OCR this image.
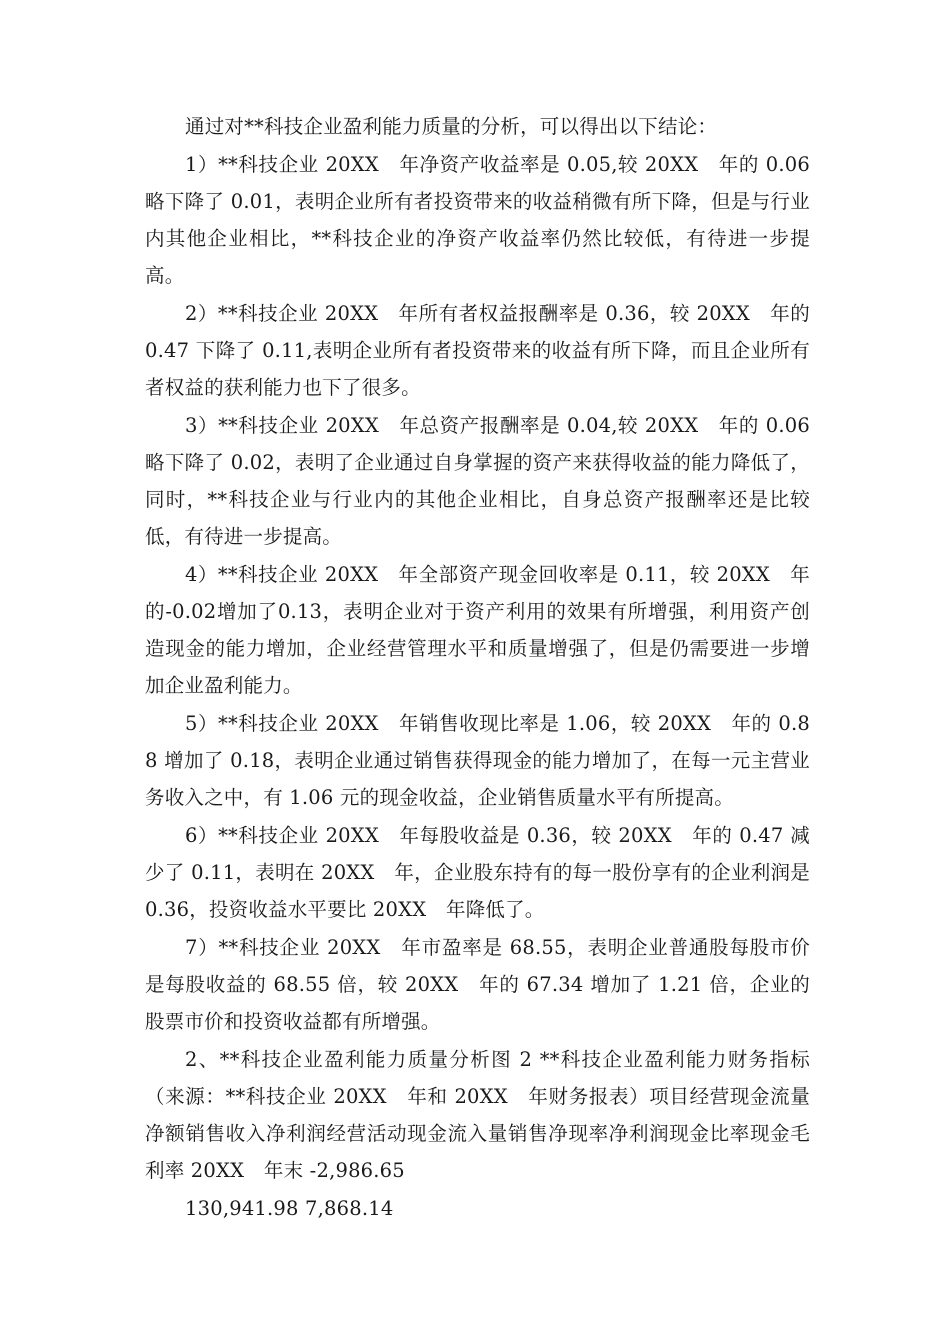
通过对**科技企业盈利能力质量的分析，可以得出以下结论：

1）**科技企业 20XX　年净资产收益率是 0.05,较 20XX　年的 0.06 略下降了 0.01，表明企业所有者投资带来的收益稍微有所下降，但是与行业内其他企业相比，**科技企业的净资产收益率仍然比较低，有待进一步提高。

2）**科技企业 20XX　年所有者权益报酬率是 0.36，较 20XX　年的 0.47 下降了 0.11,表明企业所有者投资带来的收益有所下降，而且企业所有者权益的获利能力也下了很多。

3）**科技企业 20XX　年总资产报酬率是 0.04,较 20XX　年的 0.06 略下降了 0.02，表明了企业通过自身掌握的资产来获得收益的能力降低了，同时，**科技企业与行业内的其他企业相比，自身总资产报酬率还是比较低，有待进一步提高。

4）**科技企业 20XX　年全部资产现金回收率是 0.11，较 20XX　年的-0.02增加了0.13，表明企业对于资产利用的效果有所增强，利用资产创造现金的能力增加，企业经营管理水平和质量增强了，但是仍需要进一步增加企业盈利能力。

5）**科技企业 20XX　年销售收现比率是 1.06，较 20XX　年的 0.88 增加了 0.18，表明企业通过销售获得现金的能力增加了，在每一元主营业务收入之中，有 1.06 元的现金收益，企业销售质量水平有所提高。

6）**科技企业 20XX　年每股收益是 0.36，较 20XX　年的 0.47 减少了 0.11，表明在 20XX　年，企业股东持有的每一股份享有的企业利润是 0.36，投资收益水平要比 20XX　年降低了。

7）**科技企业 20XX　年市盈率是 68.55，表明企业普通股每股市价是每股收益的 68.55 倍，较 20XX　年的 67.34 增加了 1.21 倍，企业的股票市价和投资收益都有所增强。

2、**科技企业盈利能力质量分析图 2 **科技企业盈利能力财务指标（来源：**科技企业 20XX　年和 20XX　年财务报表）项目经营现金流量净额销售收入净利润经营活动现金流入量销售净现率净利润现金比率现金毛利率 20XX　年末 -2,986.65

130,941.98 7,868.14
